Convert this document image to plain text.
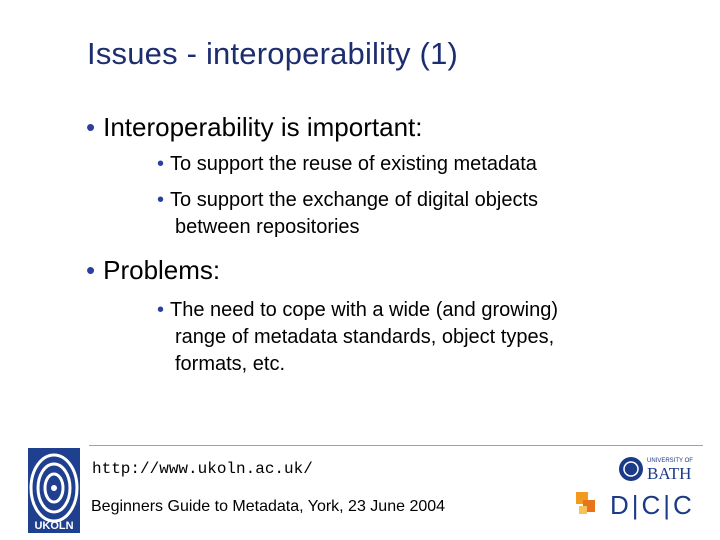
Issues - interoperability (1)
• Interoperability is important:
• To support the reuse of existing metadata
• To support the exchange of digital objects
between repositories
• Problems:
• The need to cope with a wide (and growing)
range of metadata standards, object types,
formats, etc.
http://www.ukoln.ac.uk/
Beginners Guide to Metadata, York, 23 June 2004
UKOLN
UNIVERSITY OF
BATH
D|C|C
